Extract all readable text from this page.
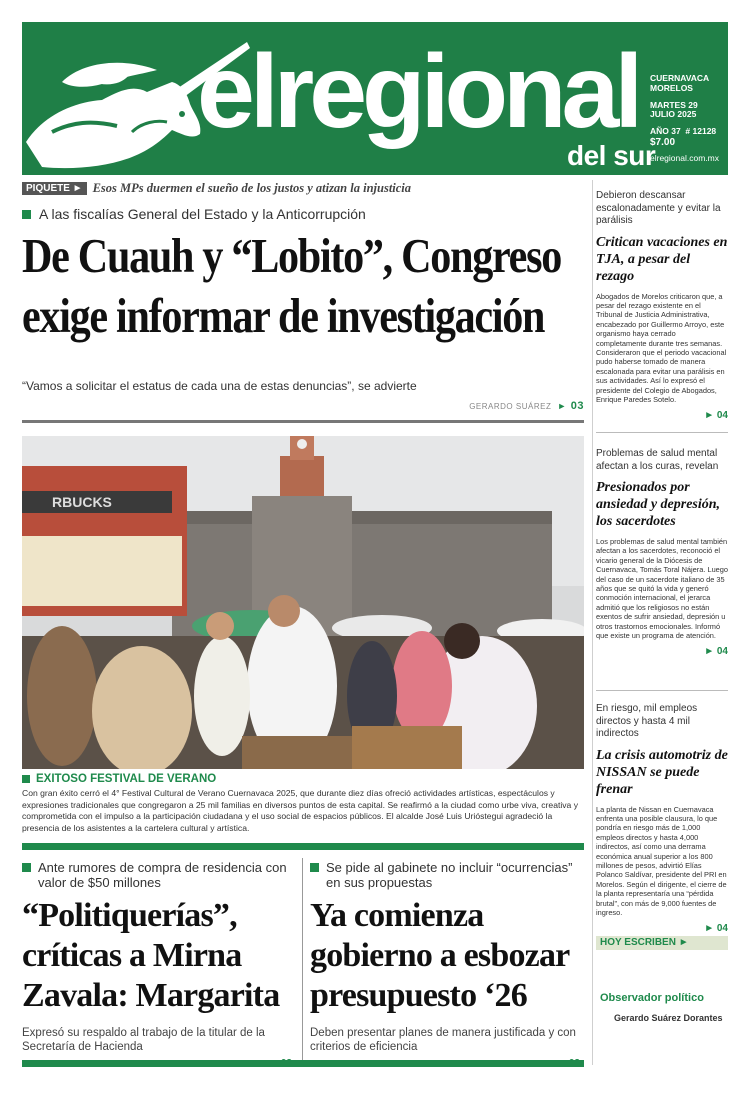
elregional
del sur
CUERNAVACA
MORELOS
MARTES 29
JULIO 2025
AÑO 37  # 12128
$7.00
elregional.com.mx
PIQUETE ► Esos MPs duermen el sueño de los justos y atizan la injusticia
A las fiscalías General del Estado y la Anticorrupción
De Cuauh y “Lobito”, Congreso
exige informar de investigación
“Vamos a solicitar el estatus de cada una de estas denuncias”, se advierte
GERARDO SUÁREZ ► 03
RBUCKS
EXITOSO FESTIVAL DE VERANO
Con gran éxito cerró el 4° Festival Cultural de Verano Cuernavaca 2025, que durante diez días ofreció actividades artísticas, espectáculos y expresiones tradicionales que congregaron a 25 mil familias en diversos puntos de esta capital. Se reafirmó a la ciudad como urbe viva, creativa y comprometida con el impulso a la participación ciudadana y el uso social de espacios públicos. El alcalde José Luis Urióstegui agradeció la presencia de los asistentes a la cartelera cultural y artística.
Ante rumores de compra de residencia con valor de $50 millones
“Politiquerías”,
críticas a Mirna
Zavala: Margarita
Expresó su respaldo al trabajo de la titular de la Secretaría de Hacienda
Se pide al gabinete no incluir “ocurrencias” en sus propuestas
Ya comienza
gobierno a esbozar
presupuesto ‘26
Deben presentar planes de manera justificada y con criterios de eficiencia
Debieron descansar escalonadamente y evitar la parálisis
Critican vacaciones en TJA, a pesar del rezago
Abogados de Morelos criticaron que, a pesar del rezago existente en el Tribunal de Justicia Administrativa, encabezado por Guillermo Arroyo, este organismo haya cerrado completamente durante tres semanas. Consideraron que el periodo vacacional pudo haberse tomado de manera escalonada para evitar una parálisis en sus actividades. Así lo expresó el presidente del Colegio de Abogados, Enrique Paredes Sotelo.
► 04
Problemas de salud mental afectan a los curas, revelan
Presionados por ansiedad y depresión, los sacerdotes
Los problemas de salud mental también afectan a los sacerdotes, reconoció el vicario general de la Diócesis de Cuernavaca, Tomás Toral Nájera. Luego del caso de un sacerdote italiano de 35 años que se quitó la vida y generó conmoción internacional, el jerarca admitió que los religiosos no están exentos de sufrir ansiedad, depresión u otros trastornos emocionales. Informó que existe un programa de atención.
► 04
En riesgo, mil empleos directos y hasta 4 mil indirectos
La crisis automotriz de NISSAN se puede frenar
La planta de Nissan en Cuernavaca enfrenta una posible clausura, lo que pondría en riesgo más de 1,000 empleos directos y hasta 4,000 indirectos, así como una derrama económica anual superior a los 800 millones de pesos, advirtió Elías Polanco Saldívar, presidente del PRI en Morelos. Según el dirigente, el cierre de la planta representaría una “pérdida brutal”, con más de 9,000 fuentes de ingreso.
► 04
HOY ESCRIBEN ►
Observador político
Gerardo Suárez Dorantes
